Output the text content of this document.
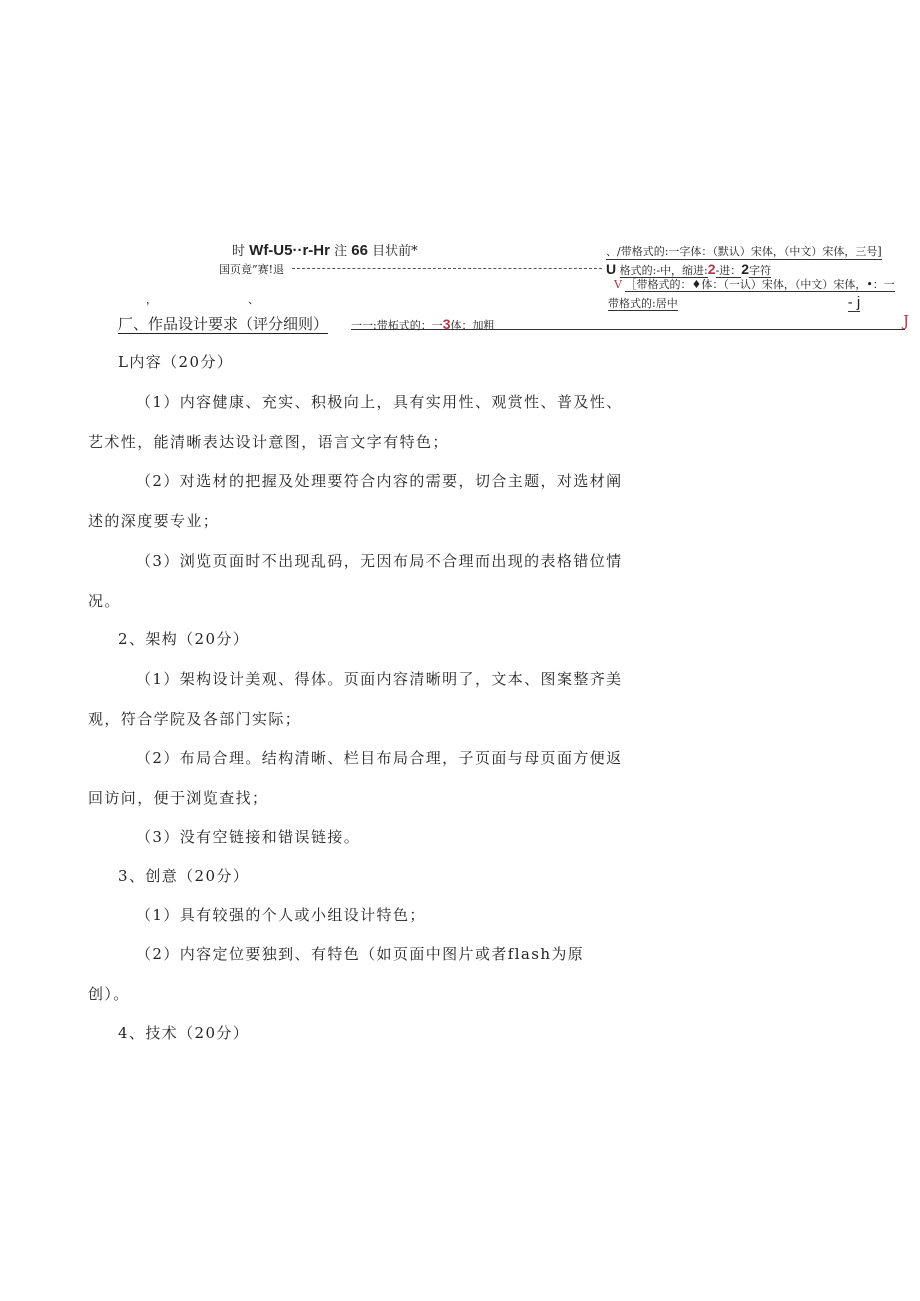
时 Wf-U5··r-Hr 注 66 目状前*
国页竟”赛!退
，	、
、/带格式的:一字体：（默认）宋体，（中文）宋体，三号]
U 格式的:-中，缩进:2-进：2字符
V ［带格式的：♦体：（一认）宋体，（中文）宋体，•：一
带格式的:居中	- j
厂、作品设计要求（评分细则） 一一:带柘式的：一3体：加粗	J
L内容（20分）
（1）内容健康、充实、积极向上，具有实用性、观赏性、普及性、
艺术性，能清晰表达设计意图，语言文字有特色；
（2）对选材的把握及处理要符合内容的需要，切合主题，对选材阐
述的深度要专业；
（3）浏览页面时不出现乱码，无因布局不合理而出现的表格错位情
况。
2、架构（20分）
（1）架构设计美观、得体。页面内容清晰明了，文本、图案整齐美
观，符合学院及各部门实际；
（2）布局合理。结构清晰、栏目布局合理，子页面与母页面方便返
回访问，便于浏览查找；
（3）没有空链接和错误链接。
3、创意（20分）
（1）具有较强的个人或小组设计特色；
（2）内容定位要独到、有特色（如页面中图片或者flash为原
创）。
4、技术（20分）
